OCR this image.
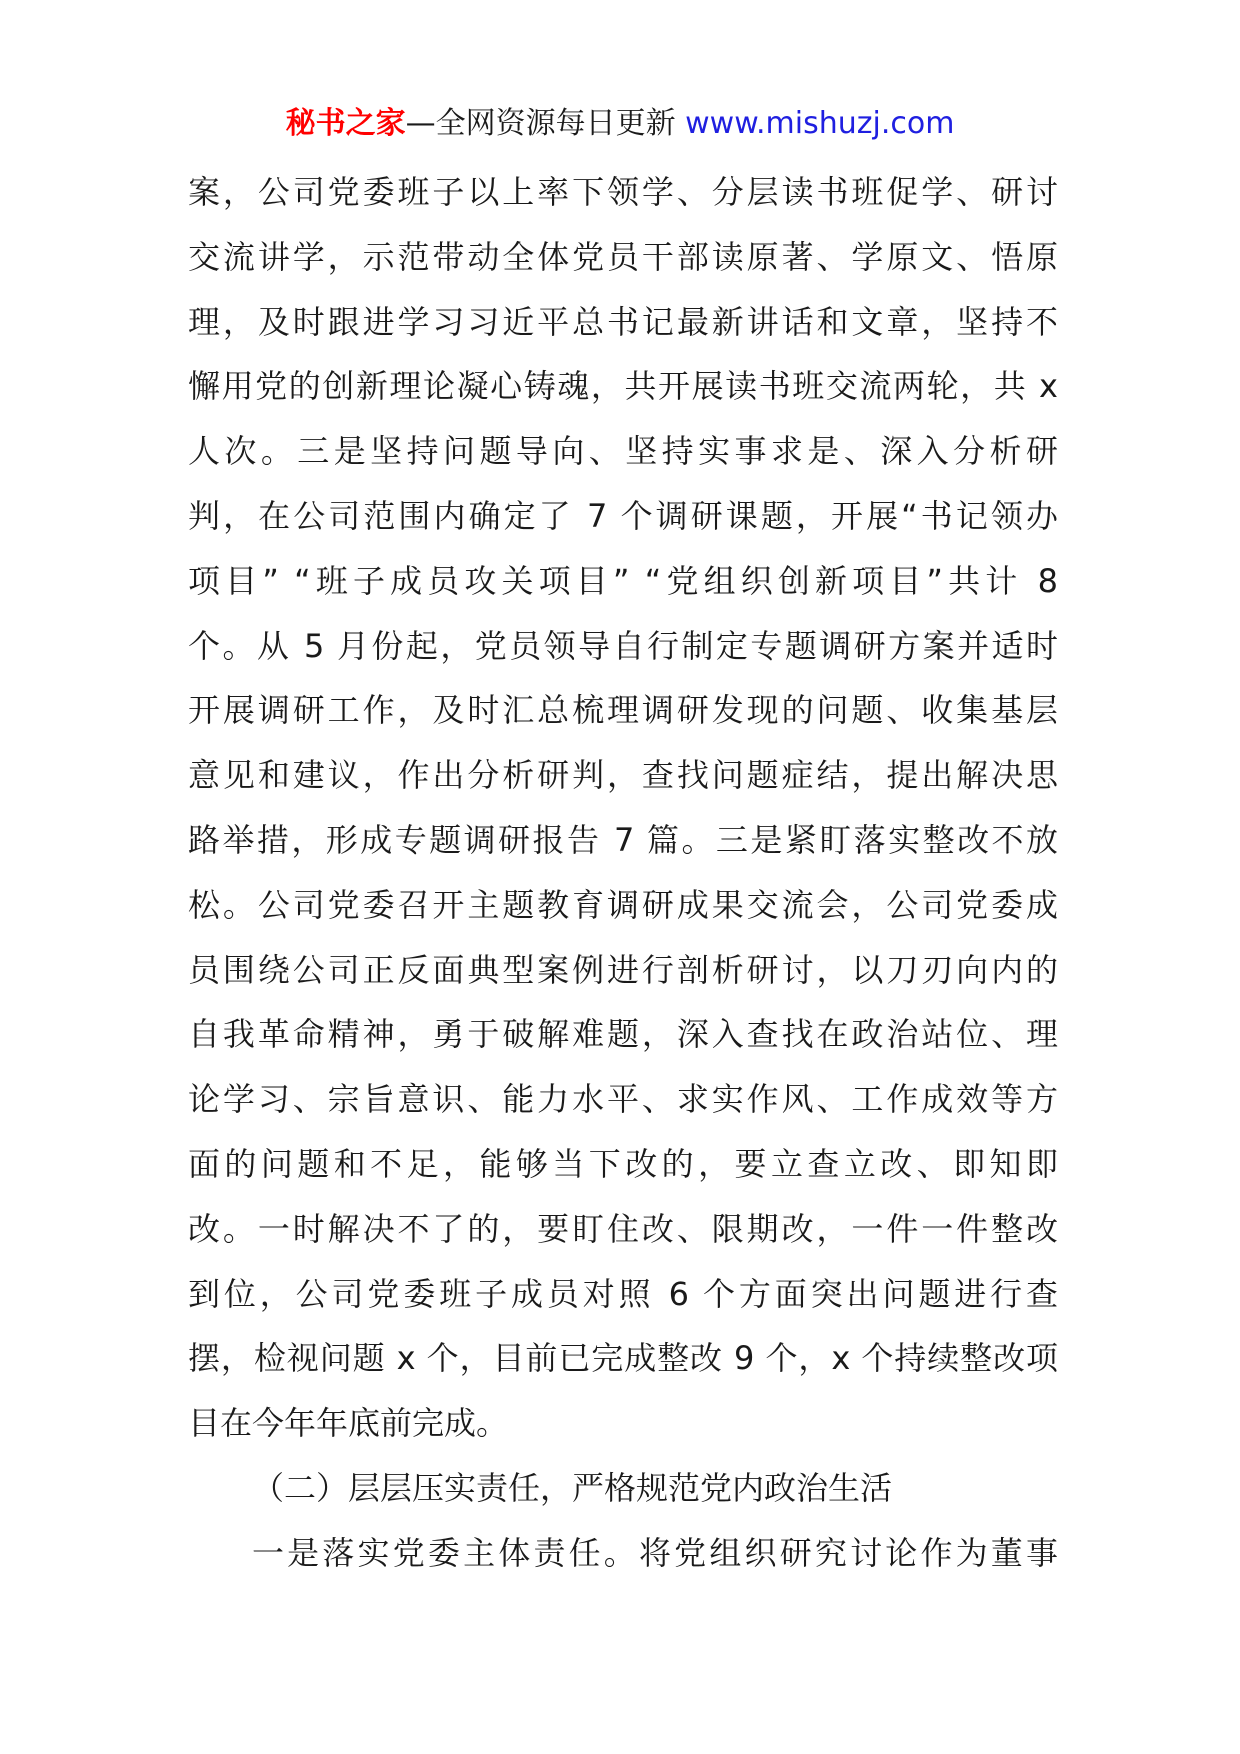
秘书之家—全网资源每日更新 www.mishuzj.com
案，公司党委班子以上率下领学、分层读书班促学、研讨
交流讲学，示范带动全体党员干部读原著、学原文、悟原
理，及时跟进学习习近平总书记最新讲话和文章，坚持不
懈用党的创新理论凝心铸魂，共开展读书班交流两轮，共 x
人次。三是坚持问题导向、坚持实事求是、深入分析研
判，在公司范围内确定了 7 个调研课题，开展“书记领办
项目” “班子成员攻关项目” “党组织创新项目”共计 8
个。从 5 月份起，党员领导自行制定专题调研方案并适时
开展调研工作，及时汇总梳理调研发现的问题、收集基层
意见和建议，作出分析研判，查找问题症结，提出解决思
路举措，形成专题调研报告 7 篇。三是紧盯落实整改不放
松。公司党委召开主题教育调研成果交流会，公司党委成
员围绕公司正反面典型案例进行剖析研讨，以刀刃向内的
自我革命精神，勇于破解难题，深入查找在政治站位、理
论学习、宗旨意识、能力水平、求实作风、工作成效等方
面的问题和不足，能够当下改的，要立查立改、即知即
改。一时解决不了的，要盯住改、限期改，一件一件整改
到位，公司党委班子成员对照 6 个方面突出问题进行查
摆，检视问题 x 个，目前已完成整改 9 个，x 个持续整改项
目在今年年底前完成。
（二）层层压实责任，严格规范党内政治生活
一是落实党委主体责任。将党组织研究讨论作为董事
